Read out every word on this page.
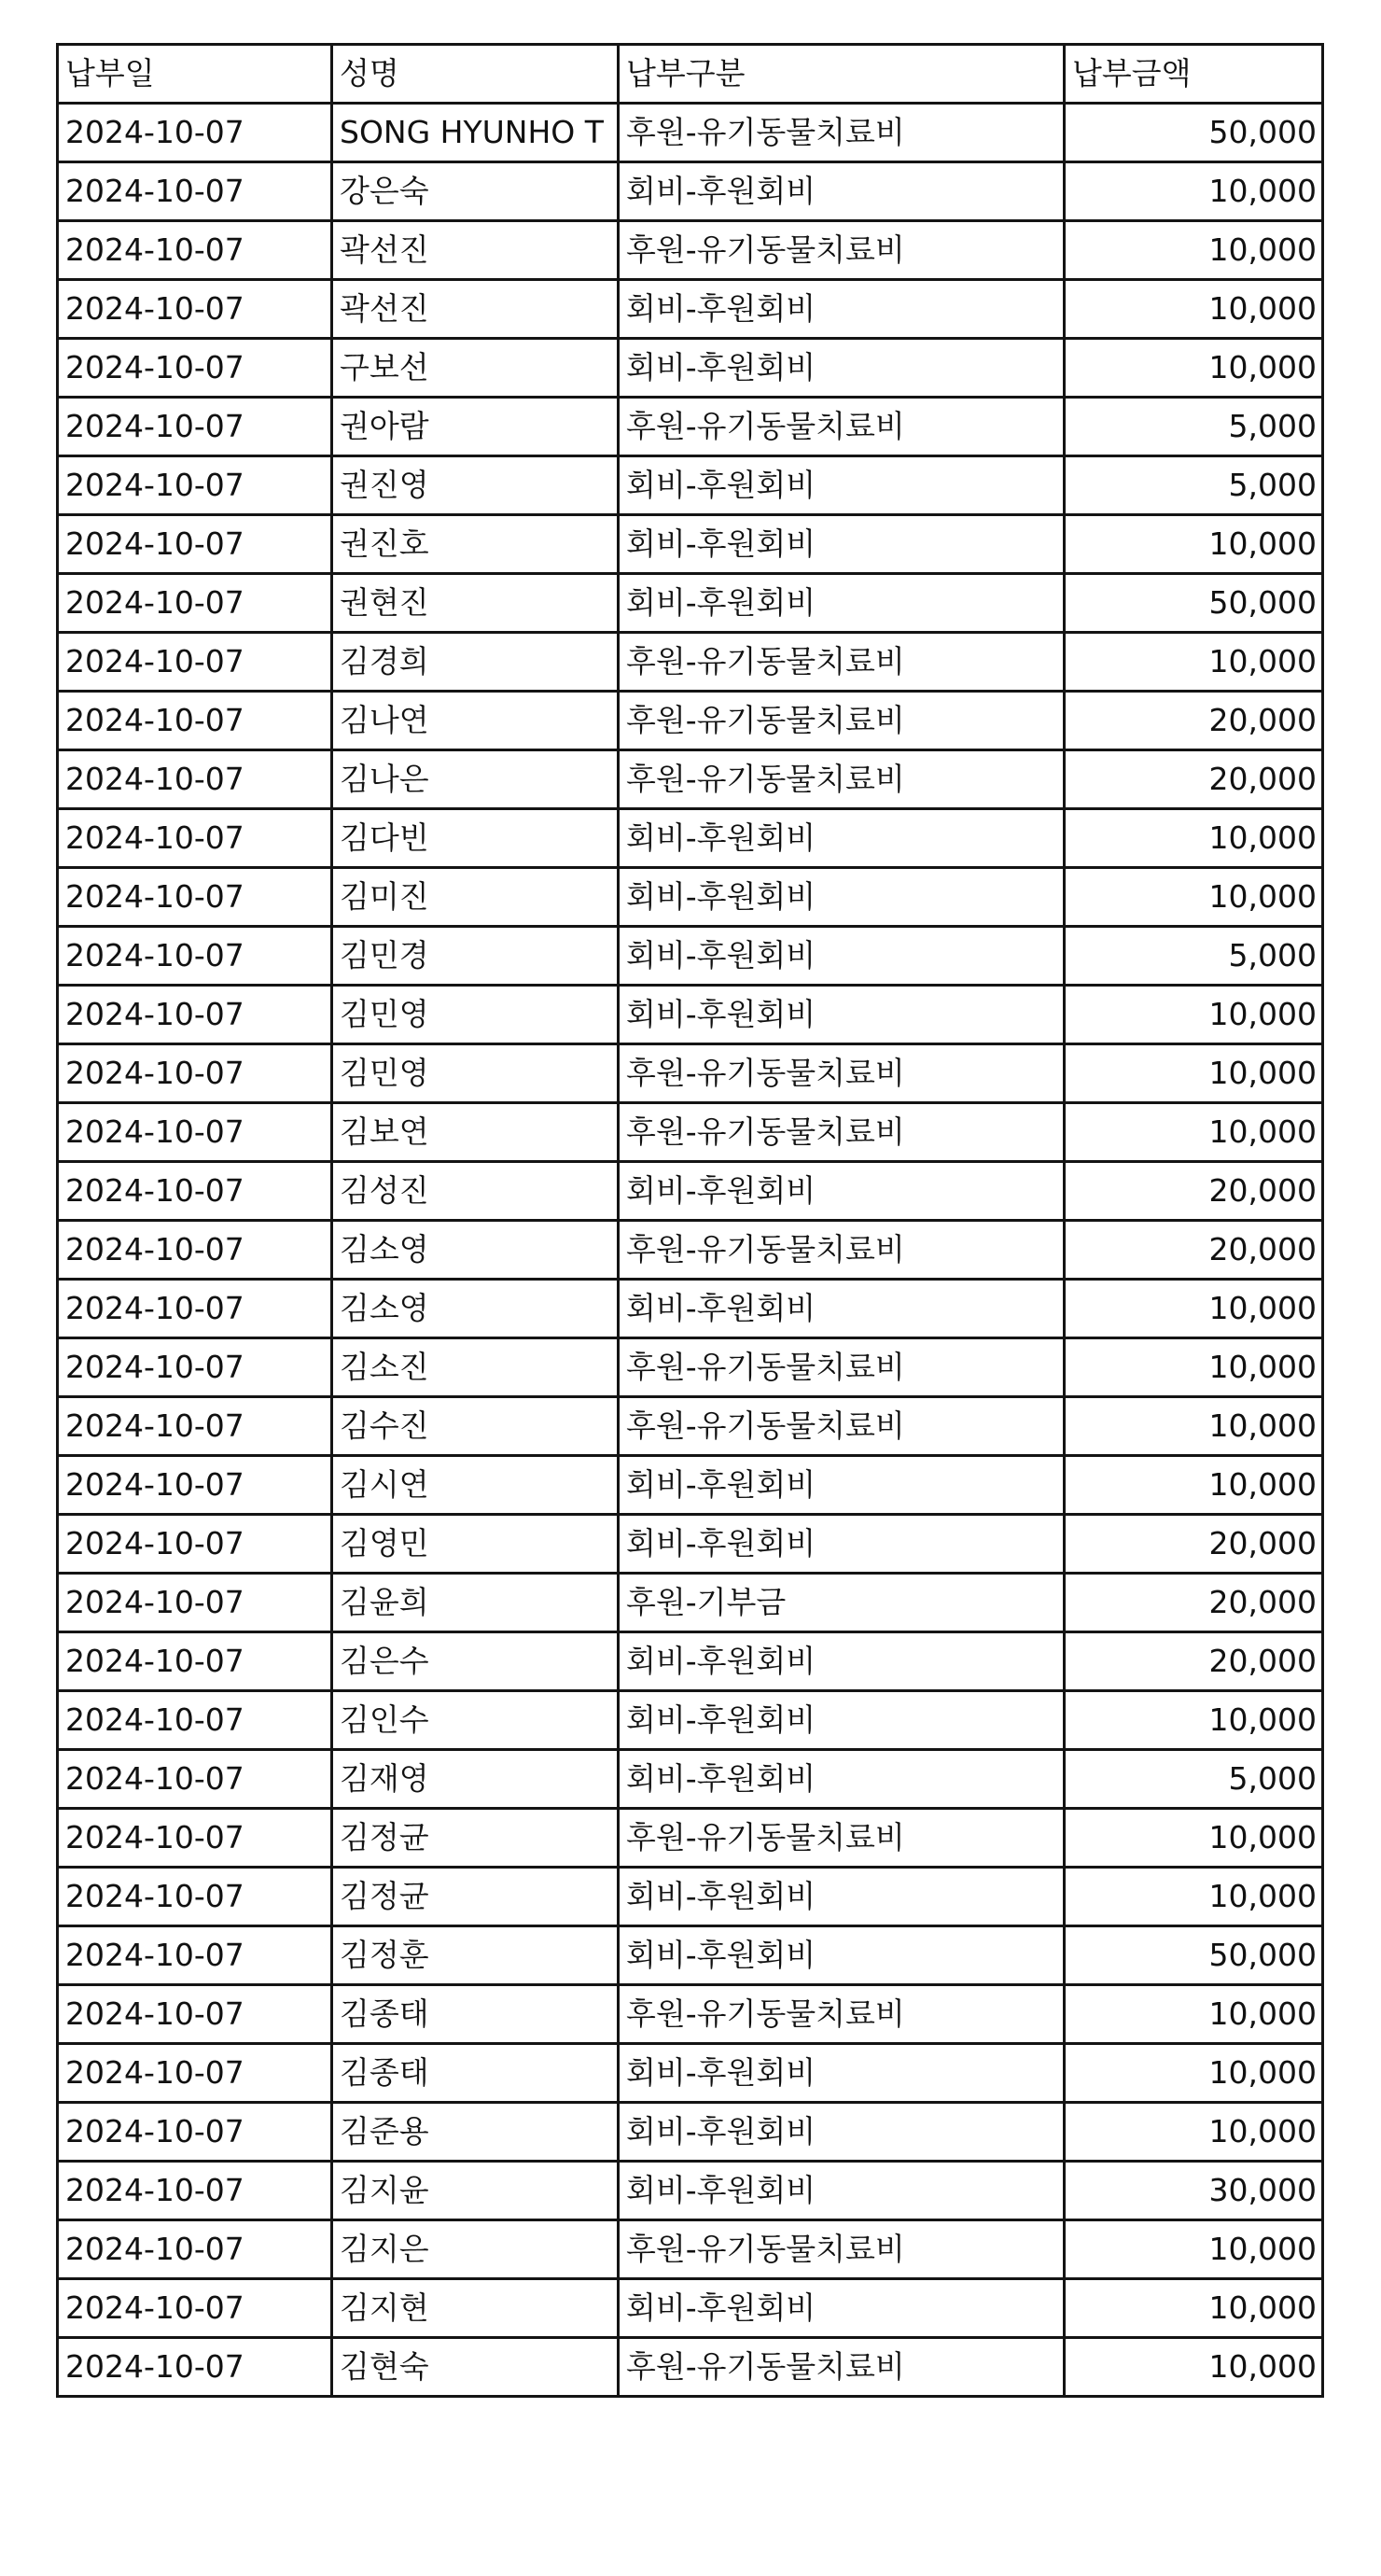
납부일	성명	납부구분	납부금액
2024-10-07	SONG HYUNHO T	후원-유기동물치료비	50,000
2024-10-07	강은숙	회비-후원회비	10,000
2024-10-07	곽선진	후원-유기동물치료비	10,000
2024-10-07	곽선진	회비-후원회비	10,000
2024-10-07	구보선	회비-후원회비	10,000
2024-10-07	권아람	후원-유기동물치료비	5,000
2024-10-07	권진영	회비-후원회비	5,000
2024-10-07	권진호	회비-후원회비	10,000
2024-10-07	권현진	회비-후원회비	50,000
2024-10-07	김경희	후원-유기동물치료비	10,000
2024-10-07	김나연	후원-유기동물치료비	20,000
2024-10-07	김나은	후원-유기동물치료비	20,000
2024-10-07	김다빈	회비-후원회비	10,000
2024-10-07	김미진	회비-후원회비	10,000
2024-10-07	김민경	회비-후원회비	5,000
2024-10-07	김민영	회비-후원회비	10,000
2024-10-07	김민영	후원-유기동물치료비	10,000
2024-10-07	김보연	후원-유기동물치료비	10,000
2024-10-07	김성진	회비-후원회비	20,000
2024-10-07	김소영	후원-유기동물치료비	20,000
2024-10-07	김소영	회비-후원회비	10,000
2024-10-07	김소진	후원-유기동물치료비	10,000
2024-10-07	김수진	후원-유기동물치료비	10,000
2024-10-07	김시연	회비-후원회비	10,000
2024-10-07	김영민	회비-후원회비	20,000
2024-10-07	김윤희	후원-기부금	20,000
2024-10-07	김은수	회비-후원회비	20,000
2024-10-07	김인수	회비-후원회비	10,000
2024-10-07	김재영	회비-후원회비	5,000
2024-10-07	김정균	후원-유기동물치료비	10,000
2024-10-07	김정균	회비-후원회비	10,000
2024-10-07	김정훈	회비-후원회비	50,000
2024-10-07	김종태	후원-유기동물치료비	10,000
2024-10-07	김종태	회비-후원회비	10,000
2024-10-07	김준용	회비-후원회비	10,000
2024-10-07	김지윤	회비-후원회비	30,000
2024-10-07	김지은	후원-유기동물치료비	10,000
2024-10-07	김지현	회비-후원회비	10,000
2024-10-07	김현숙	후원-유기동물치료비	10,000
